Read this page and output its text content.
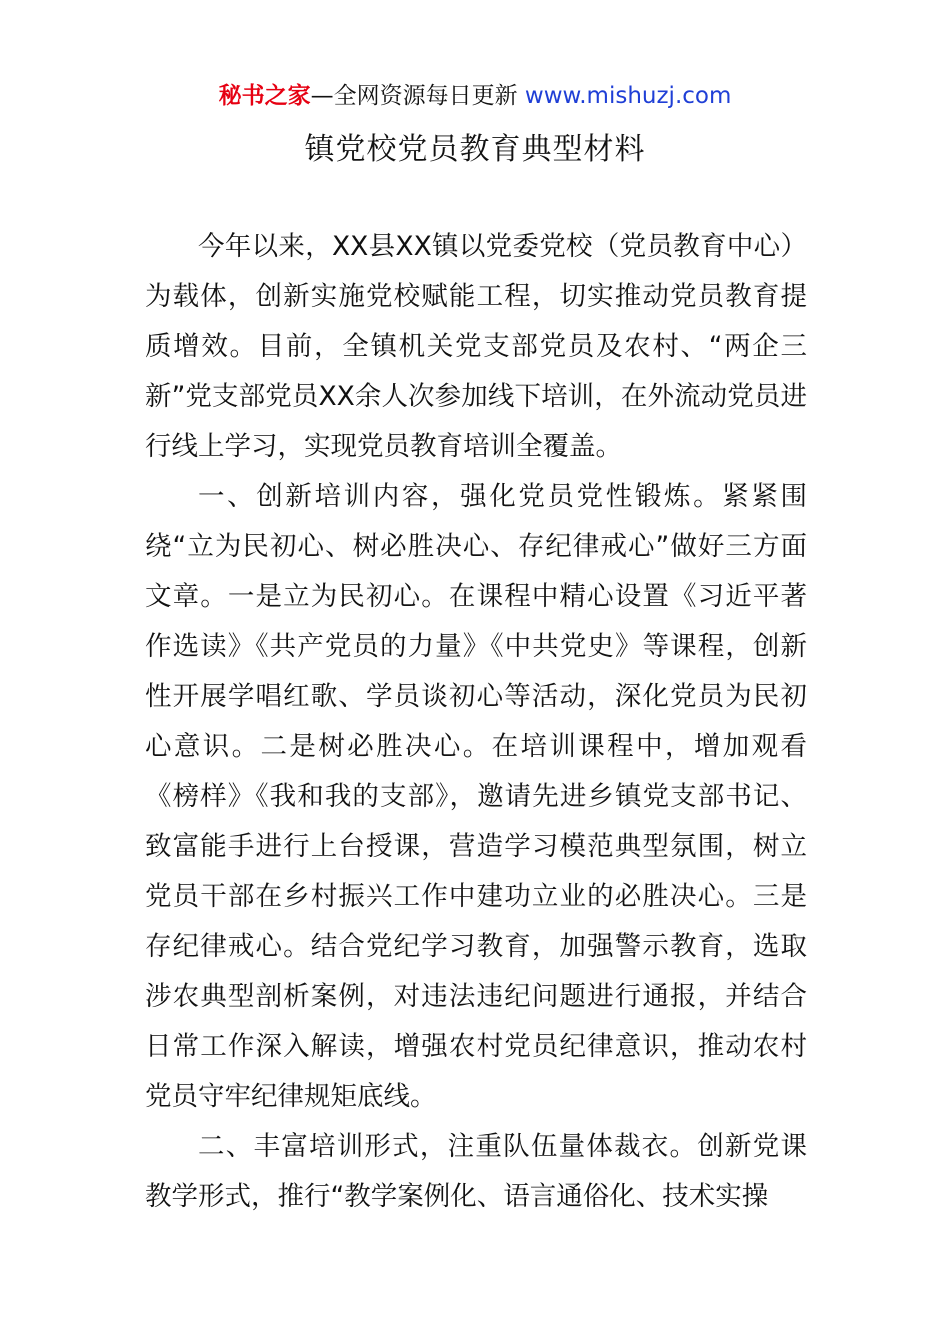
秘书之家—全网资源每日更新 www.mishuzj.com
镇党校党员教育典型材料

今年以来，XX县XX镇以党委党校（党员教育中心）为载体，创新实施党校赋能工程，切实推动党员教育提质增效。目前，全镇机关党支部党员及农村、“两企三新”党支部党员XX余人次参加线下培训，在外流动党员进行线上学习，实现党员教育培训全覆盖。

一、创新培训内容，强化党员党性锻炼。紧紧围绕“立为民初心、树必胜决心、存纪律戒心”做好三方面文章。一是立为民初心。在课程中精心设置《习近平著作选读》《共产党员的力量》《中共党史》等课程，创新性开展学唱红歌、学员谈初心等活动，深化党员为民初心意识。二是树必胜决心。在培训课程中，增加观看《榜样》《我和我的支部》，邀请先进乡镇党支部书记、致富能手进行上台授课，营造学习模范典型氛围，树立党员干部在乡村振兴工作中建功立业的必胜决心。三是存纪律戒心。结合党纪学习教育，加强警示教育，选取涉农典型剖析案例，对违法违纪问题进行通报，并结合日常工作深入解读，增强农村党员纪律意识，推动农村党员守牢纪律规矩底线。

二、丰富培训形式，注重队伍量体裁衣。创新党课教学形式，推行“教学案例化、语言通俗化、技术实操
